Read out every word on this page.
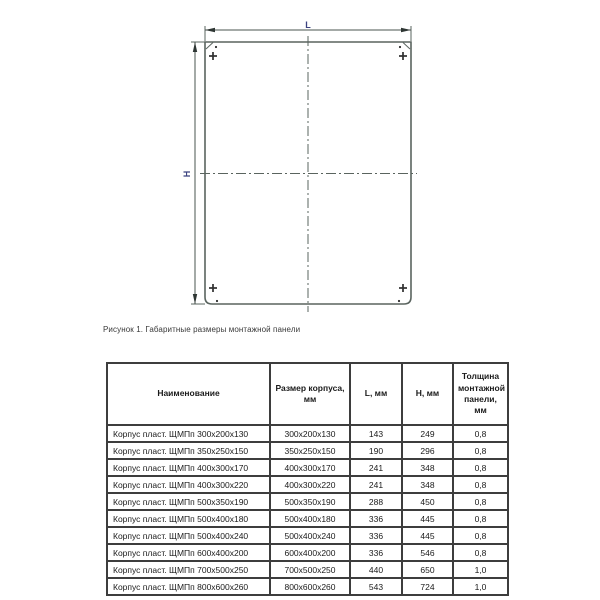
L
H
Рисунок 1. Габаритные размеры монтажной панели
Наименование	Размер корпуса, мм	L, мм	H, мм	Толщина монтажной панели, мм
Корпус пласт. ЩМПп 300x200x130	300x200x130	143	249	0,8
Корпус пласт. ЩМПп 350x250x150	350x250x150	190	296	0,8
Корпус пласт. ЩМПп 400x300x170	400x300x170	241	348	0,8
Корпус пласт. ЩМПп 400x300x220	400x300x220	241	348	0,8
Корпус пласт. ЩМПп 500x350x190	500x350x190	288	450	0,8
Корпус пласт. ЩМПп 500x400x180	500x400x180	336	445	0,8
Корпус пласт. ЩМПп 500x400x240	500x400x240	336	445	0,8
Корпус пласт. ЩМПп 600x400x200	600x400x200	336	546	0,8
Корпус пласт. ЩМПп 700x500x250	700x500x250	440	650	1,0
Корпус пласт. ЩМПп 800x600x260	800x600x260	543	724	1,0
